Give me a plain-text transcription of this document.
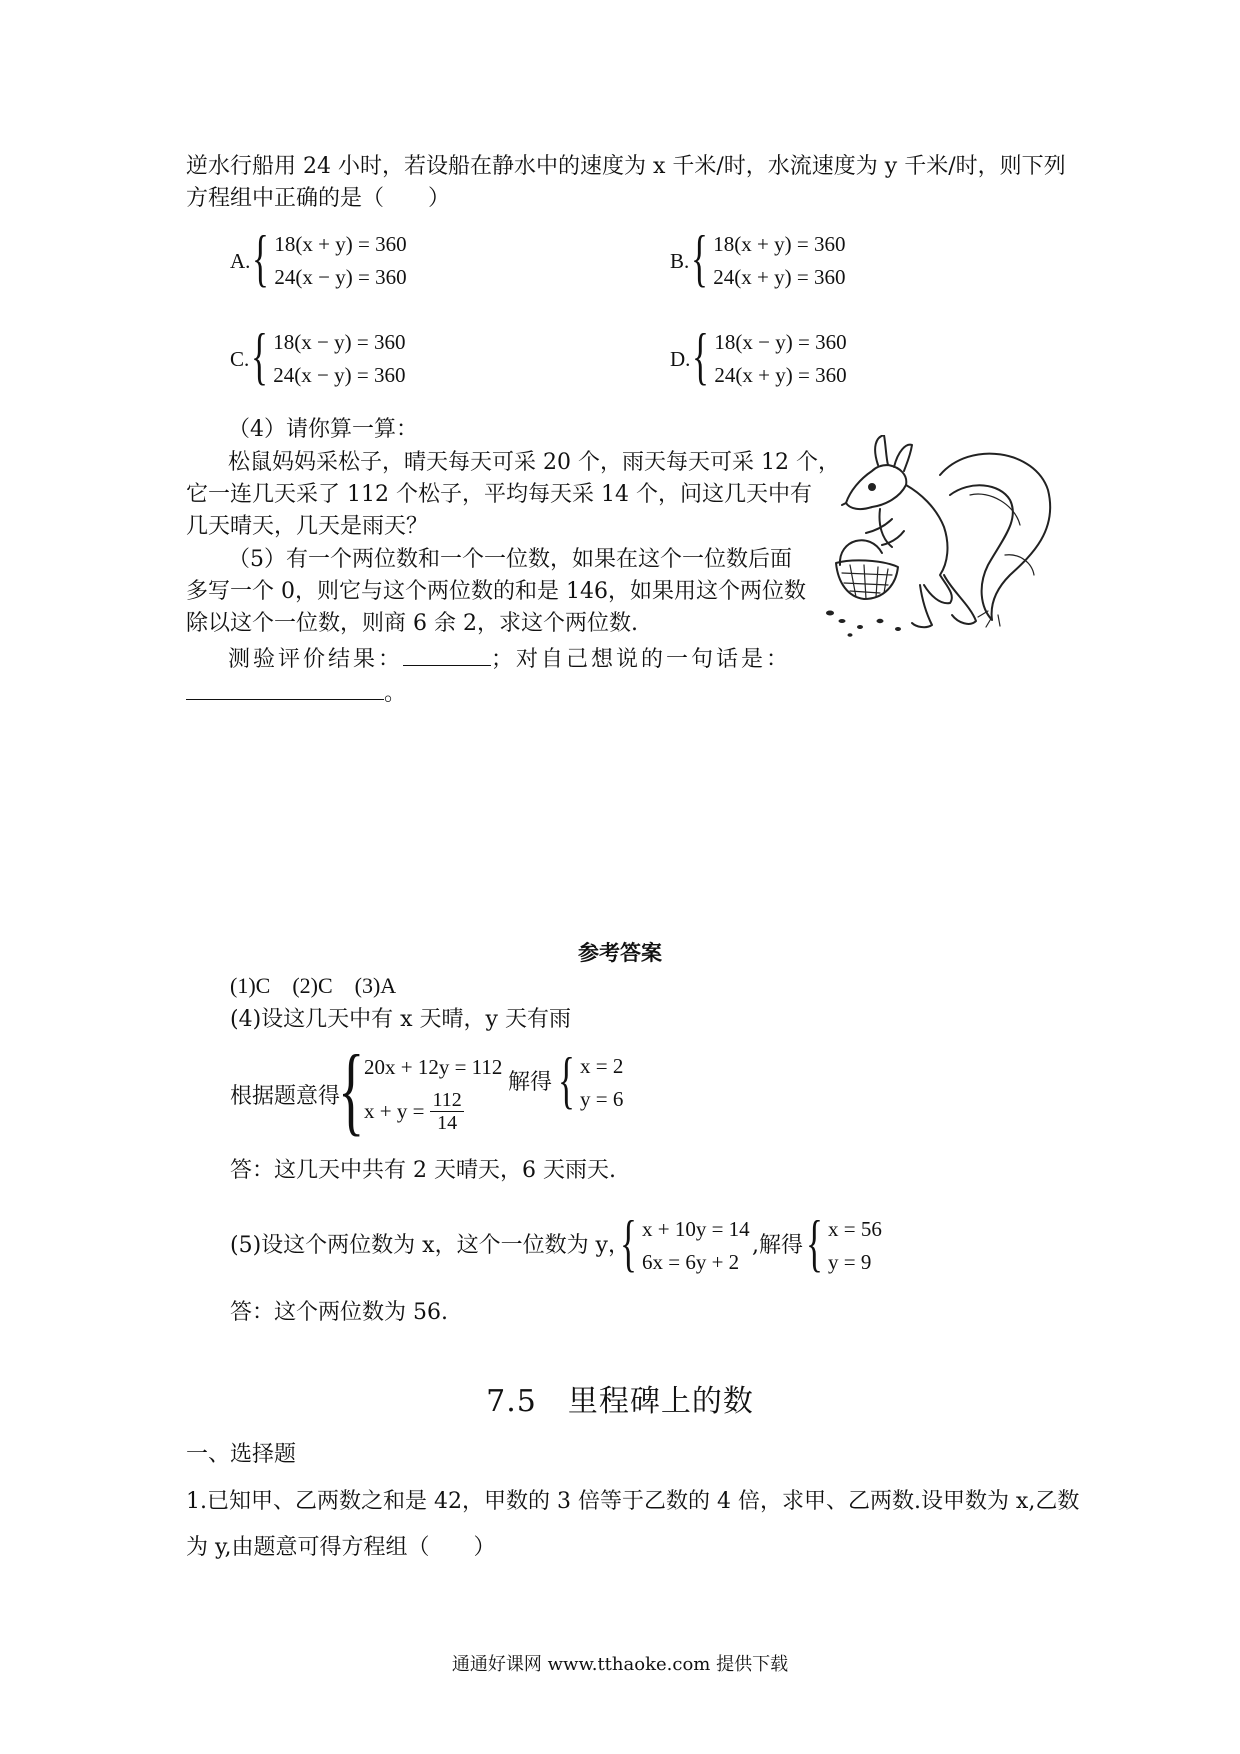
逆水行船用 24 小时，若设船在静水中的速度为 x 千米/时，水流速度为 y 千米/时，则下列
方程组中正确的是（　　）
A. { 18(x + y) = 360
24(x − y) = 360
B. { 18(x + y) = 360
24(x + y) = 360
C. { 18(x − y) = 360
24(x − y) = 360
D. { 18(x − y) = 360
24(x + y) = 360
（4）请你算一算：
松鼠妈妈采松子，晴天每天可采 20 个，雨天每天可采 12 个，
它一连几天采了 112 个松子，平均每天采 14 个，问这几天中有
几天晴天，几天是雨天？
（5）有一个两位数和一个一位数，如果在这个一位数后面
多写一个 0，则它与这个两位数的和是 146，如果用这个两位数
除以这个一位数，则商 6 余 2，求这个两位数.
测验评价结果：	；对自己想说的一句话是：
。
参考答案
(1)C　(2)C　(3)A
(4)设这几天中有 x 天晴，y 天有雨
根据题意得
{ 20x + 12y = 112
$x + y = \frac{112}{14}$
解得 { x = 2
y = 6
答：这几天中共有 2 天晴天，6 天雨天.
(5)设这个两位数为 x，这个一位数为 y，
{ x + 10y = 14
6x = 6y + 2
,解得 { x = 56
y = 9
答：这个两位数为 56.
7.5　里程碑上的数
一、选择题
1.已知甲、乙两数之和是 42，甲数的 3 倍等于乙数的 4 倍，求甲、乙两数.设甲数为 x,乙数
为 y,由题意可得方程组（　　）
通通好课网 www.tthaoke.com 提供下载
